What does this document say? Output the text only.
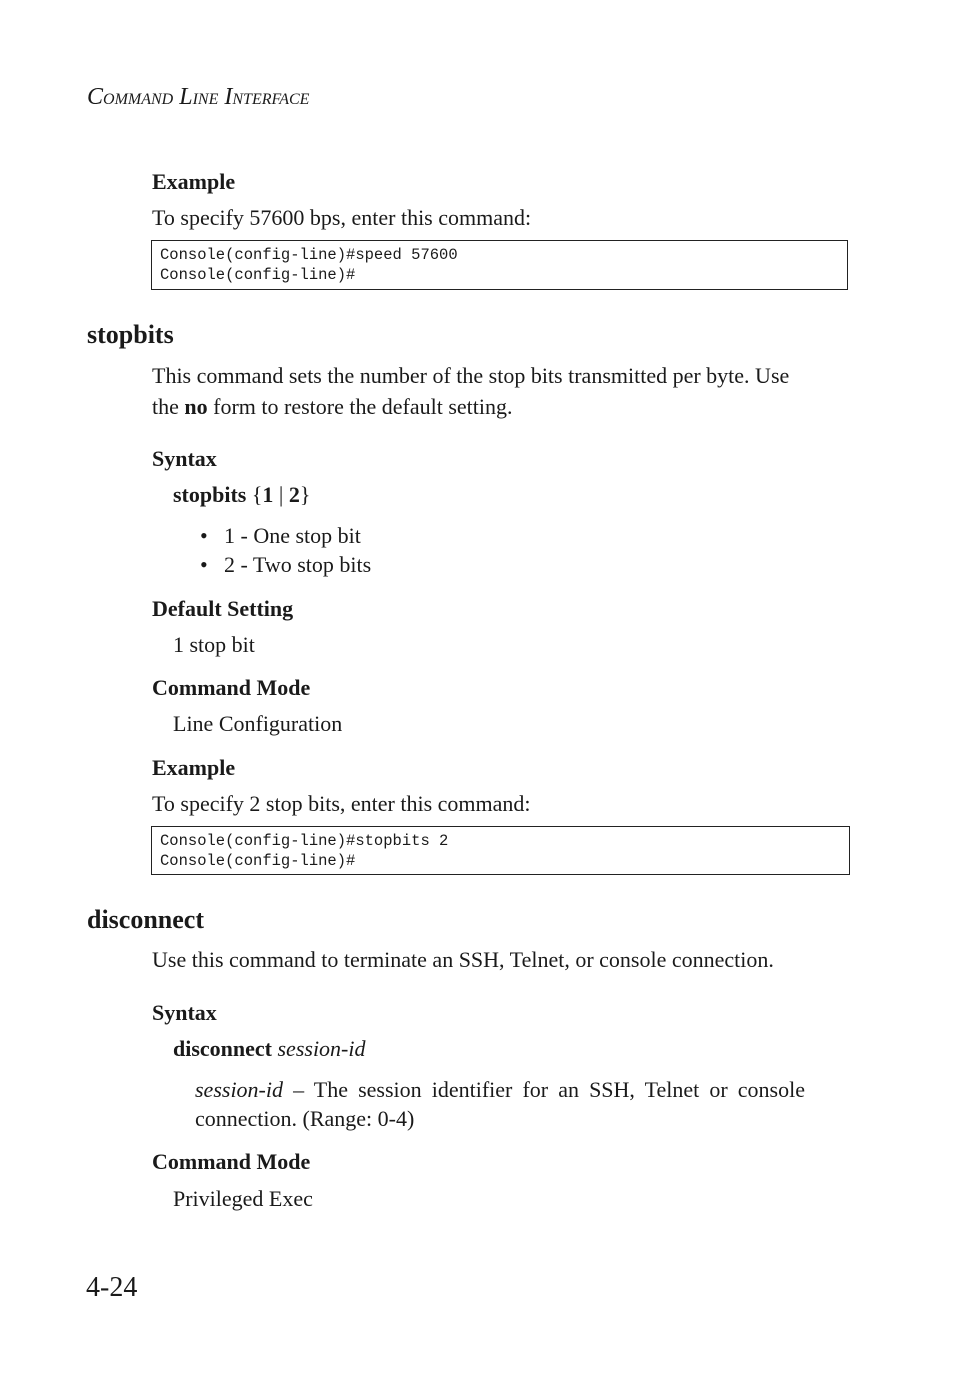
COMMAND LINE INTERFACE
Example
To specify 57600 bps, enter this command:
Console(config-line)#speed 57600
Console(config-line)#
stopbits
This command sets the number of the stop bits transmitted per byte. Use
the no form to restore the default setting.
Syntax
stopbits {1 | 2}
• 1 - One stop bit
• 2 - Two stop bits
Default Setting
1 stop bit
Command Mode
Line Configuration
Example
To specify 2 stop bits, enter this command:
Console(config-line)#stopbits 2
Console(config-line)#
disconnect
Use this command to terminate an SSH, Telnet, or console connection.
Syntax
disconnect session-id
session-id – The session identifier for an SSH, Telnet or console
connection. (Range: 0-4)
Command Mode
Privileged Exec
4-24
